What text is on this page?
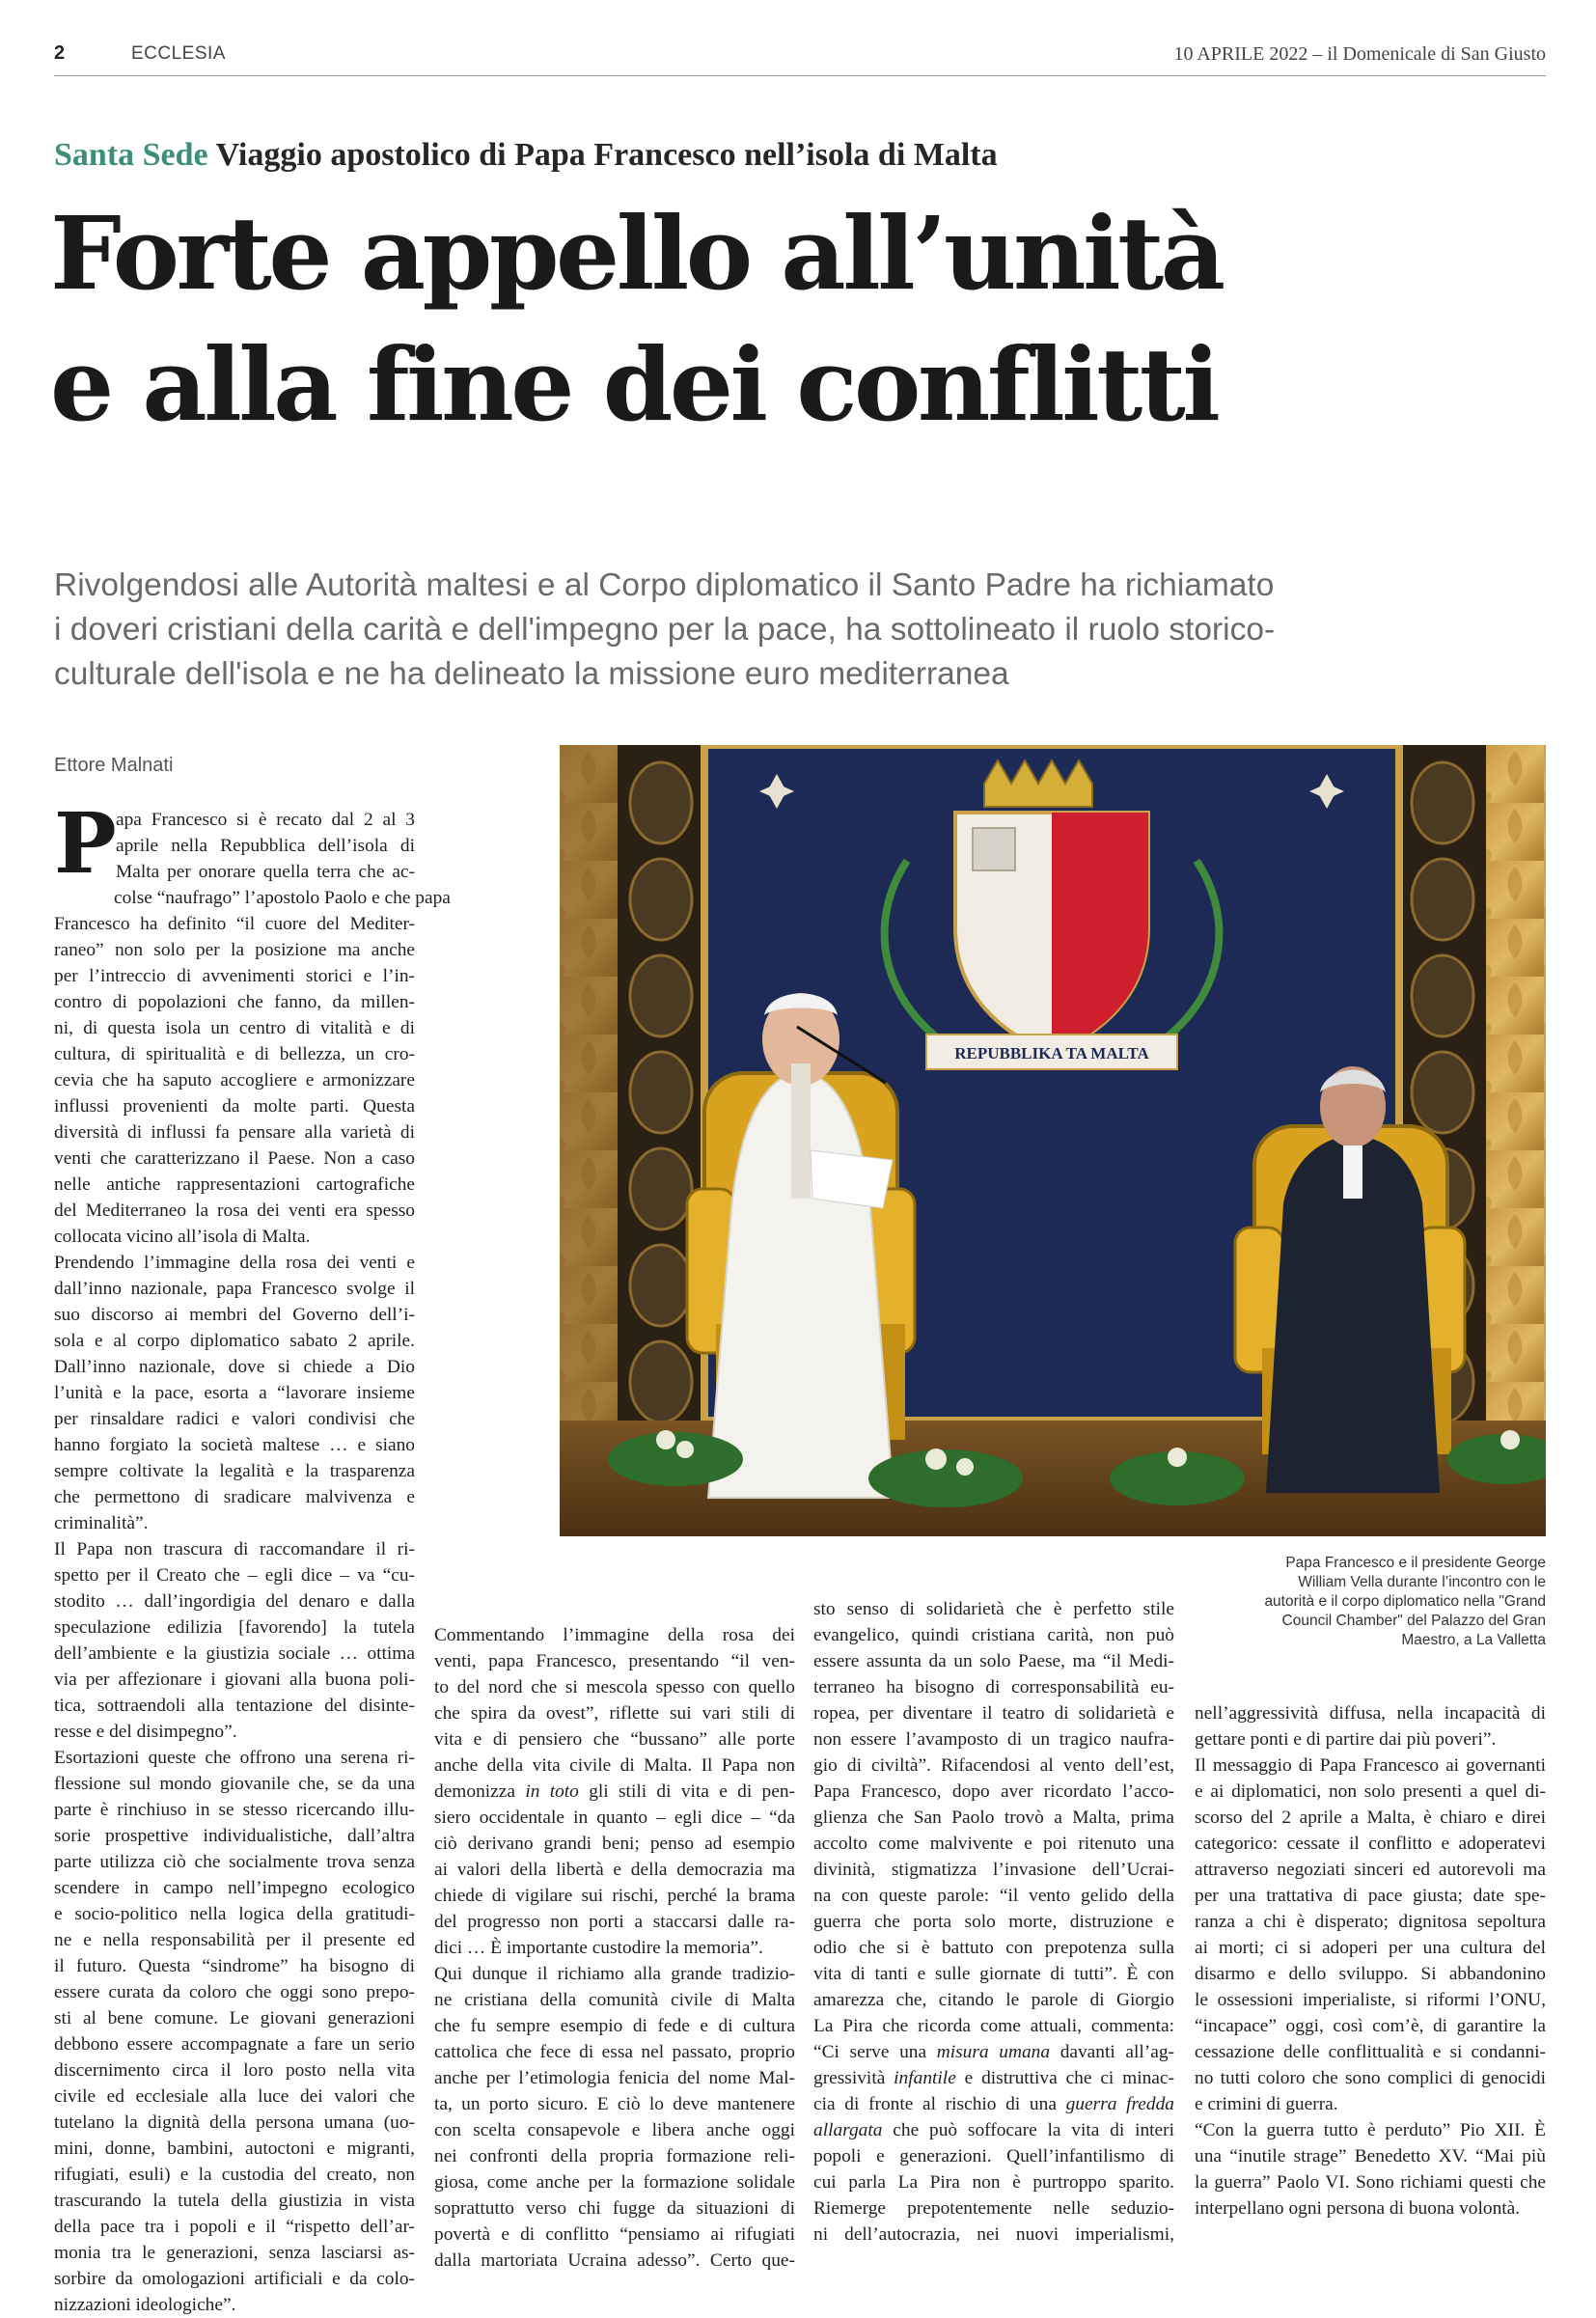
2	ECCLESIA	10 APRILE 2022 – il Domenicale di San Giusto
Santa Sede Viaggio apostolico di Papa Francesco nell’isola di Malta
Forte appello all’unità
e alla fine dei conflitti

Rivolgendosi alle Autorità maltesi e al Corpo diplomatico il Santo Padre ha richiamato
i doveri cristiani della carità e dell'impegno per la pace, ha sottolineato il ruolo storico-
culturale dell'isola e ne ha delineato la missione euro mediterranea

Ettore Malnati
P apa Francesco si è recato dal 2 al 3
aprile nella Repubblica dell’isola di
Malta per onorare quella terra che ac-
colse “naufrago” l’apostolo Paolo e che papa
Francesco ha definito “il cuore del Mediter-
raneo” non solo per la posizione ma anche
per l’intreccio di avvenimenti storici e l’in-
contro di popolazioni che fanno, da millen-
ni, di questa isola un centro di vitalità e di
cultura, di spiritualità e di bellezza, un cro-
cevia che ha saputo accogliere e armonizzare
influssi provenienti da molte parti. Questa
diversità di influssi fa pensare alla varietà di
venti che caratterizzano il Paese. Non a caso
nelle antiche rappresentazioni cartografiche
del Mediterraneo la rosa dei venti era spesso
collocata vicino all’isola di Malta.
Prendendo l’immagine della rosa dei venti e
dall’inno nazionale, papa Francesco svolge il
suo discorso ai membri del Governo dell’i-
sola e al corpo diplomatico sabato 2 aprile.
Dall’inno nazionale, dove si chiede a Dio
l’unità e la pace, esorta a “lavorare insieme
per rinsaldare radici e valori condivisi che
hanno forgiato la società maltese … e siano
sempre coltivate la legalità e la trasparenza
che permettono di sradicare malvivenza e
criminalità”.
Il Papa non trascura di raccomandare il ri-
spetto per il Creato che – egli dice – va “cu-
stodito … dall’ingordigia del denaro e dalla
speculazione edilizia [favorendo] la tutela
dell’ambiente e la giustizia sociale … ottima
via per affezionare i giovani alla buona poli-
tica, sottraendoli alla tentazione del disinte-
resse e del disimpegno”.
Esortazioni queste che offrono una serena ri-
flessione sul mondo giovanile che, se da una
parte è rinchiuso in se stesso ricercando illu-
sorie prospettive individualistiche, dall’altra
parte utilizza ciò che socialmente trova senza
scendere in campo nell’impegno ecologico
e socio-politico nella logica della gratitudi-
ne e nella responsabilità per il presente ed
il futuro. Questa “sindrome” ha bisogno di
essere curata da coloro che oggi sono prepo-
sti al bene comune. Le giovani generazioni
debbono essere accompagnate a fare un serio
discernimento circa il loro posto nella vita
civile ed ecclesiale alla luce dei valori che
tutelano la dignità della persona umana (uo-
mini, donne, bambini, autoctoni e migranti,
rifugiati, esuli) e la custodia del creato, non
trascurando la tutela della giustizia in vista
della pace tra i popoli e il “rispetto dell’ar-
monia tra le generazioni, senza lasciarsi as-
sorbire da omologazioni artificiali e da colo-
nizzazioni ideologiche”.
REPUBBLIKA TA MALTA
Papa Francesco e il presidente George
William Vella durante l’incontro con le
autorità e il corpo diplomatico nella "Grand
Council Chamber" del Palazzo del Gran
Maestro, a La Valletta
Commentando l’immagine della rosa dei
venti, papa Francesco, presentando “il ven-
to del nord che si mescola spesso con quello
che spira da ovest”, riflette sui vari stili di
vita e di pensiero che “bussano” alle porte
anche della vita civile di Malta. Il Papa non
demonizza in toto gli stili di vita e di pen-
siero occidentale in quanto – egli dice – “da
ciò derivano grandi beni; penso ad esempio
ai valori della libertà e della democrazia ma
chiede di vigilare sui rischi, perché la brama
del progresso non porti a staccarsi dalle ra-
dici … È importante custodire la memoria”.
Qui dunque il richiamo alla grande tradizio-
ne cristiana della comunità civile di Malta
che fu sempre esempio di fede e di cultura
cattolica che fece di essa nel passato, proprio
anche per l’etimologia fenicia del nome Mal-
ta, un porto sicuro. E ciò lo deve mantenere
con scelta consapevole e libera anche oggi
nei confronti della propria formazione reli-
giosa, come anche per la formazione solidale
soprattutto verso chi fugge da situazioni di
povertà e di conflitto “pensiamo ai rifugiati
dalla martoriata Ucraina adesso”. Certo que-
sto senso di solidarietà che è perfetto stile
evangelico, quindi cristiana carità, non può
essere assunta da un solo Paese, ma “il Medi-
terraneo ha bisogno di corresponsabilità eu-
ropea, per diventare il teatro di solidarietà e
non essere l’avamposto di un tragico naufra-
gio di civiltà”. Rifacendosi al vento dell’est,
Papa Francesco, dopo aver ricordato l’acco-
glienza che San Paolo trovò a Malta, prima
accolto come malvivente e poi ritenuto una
divinità, stigmatizza l’invasione dell’Ucrai-
na con queste parole: “il vento gelido della
guerra che porta solo morte, distruzione e
odio che si è battuto con prepotenza sulla
vita di tanti e sulle giornate di tutti”. È con
amarezza che, citando le parole di Giorgio
La Pira che ricorda come attuali, commenta:
“Ci serve una misura umana davanti all’ag-
gressività infantile e distruttiva che ci minac-
cia di fronte al rischio di una guerra fredda
allargata che può soffocare la vita di interi
popoli e generazioni. Quell’infantilismo di
cui parla La Pira non è purtroppo sparito.
Riemerge prepotentemente nelle seduzio-
ni dell’autocrazia, nei nuovi imperialismi,
nell’aggressività diffusa, nella incapacità di
gettare ponti e di partire dai più poveri”.
Il messaggio di Papa Francesco ai governanti
e ai diplomatici, non solo presenti a quel di-
scorso del 2 aprile a Malta, è chiaro e direi
categorico: cessate il conflitto e adoperatevi
attraverso negoziati sinceri ed autorevoli ma
per una trattativa di pace giusta; date spe-
ranza a chi è disperato; dignitosa sepoltura
ai morti; ci si adoperi per una cultura del
disarmo e dello sviluppo. Si abbandonino
le ossessioni imperialiste, si riformi l’ONU,
“incapace” oggi, così com’è, di garantire la
cessazione delle conflittualità e si condanni-
no tutti coloro che sono complici di genocidi
e crimini di guerra.
“Con la guerra tutto è perduto” Pio XII. È
una “inutile strage” Benedetto XV. “Mai più
la guerra” Paolo VI. Sono richiami questi che
interpellano ogni persona di buona volontà.
